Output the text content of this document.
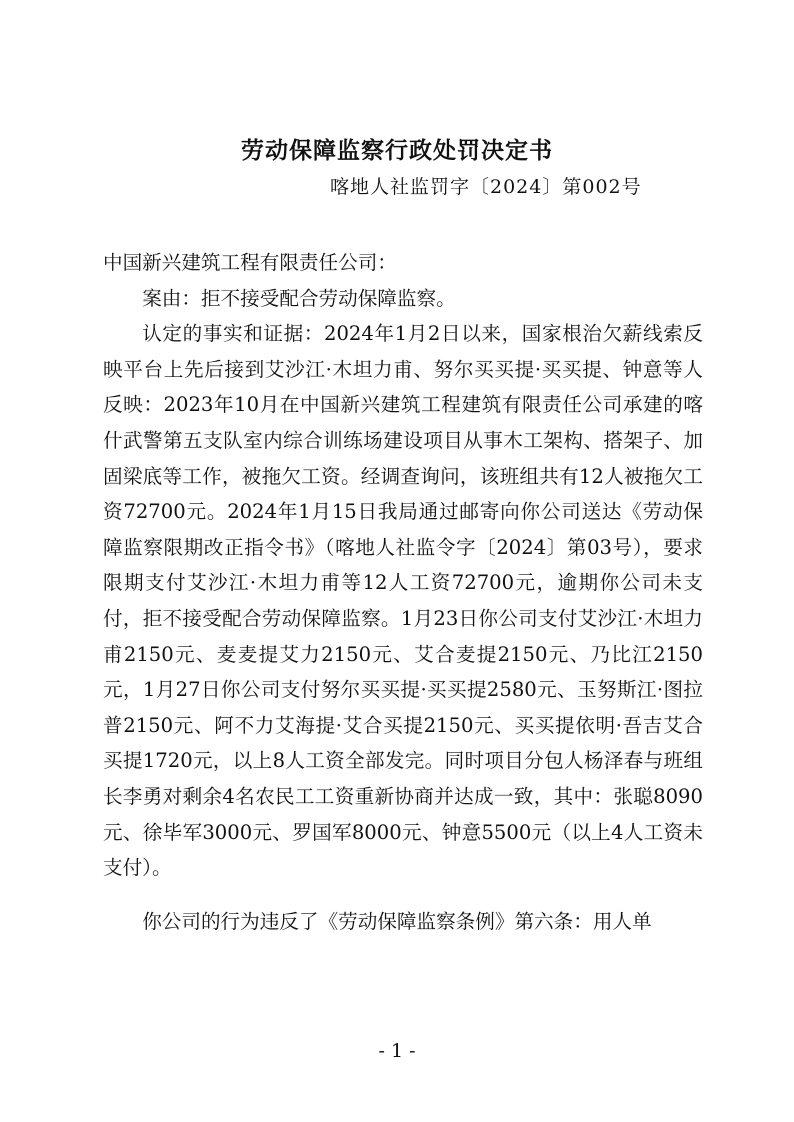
劳动保障监察行政处罚决定书
喀地人社监罚字〔2024〕第002号

中国新兴建筑工程有限责任公司：

案由：拒不接受配合劳动保障监察。

认定的事实和证据：2024年1月2日以来，国家根治欠薪线索反映平台上先后接到艾沙江·木坦力甫、努尔买买提·买买提、钟意等人反映：2023年10月在中国新兴建筑工程建筑有限责任公司承建的喀什武警第五支队室内综合训练场建设项目从事木工架构、搭架子、加固梁底等工作，被拖欠工资。经调查询问，该班组共有12人被拖欠工资72700元。2024年1月15日我局通过邮寄向你公司送达《劳动保障监察限期改正指令书》（喀地人社监令字〔2024〕第03号），要求限期支付艾沙江·木坦力甫等12人工资72700元，逾期你公司未支付，拒不接受配合劳动保障监察。1月23日你公司支付艾沙江·木坦力甫2150元、麦麦提艾力2150元、艾合麦提2150元、乃比江2150元，1月27日你公司支付努尔买买提·买买提2580元、玉努斯江·图拉普2150元、阿不力艾海提·艾合买提2150元、买买提依明·吾吉艾合买提1720元，以上8人工资全部发完。同时项目分包人杨泽春与班组长李勇对剩余4名农民工工资重新协商并达成一致，其中：张聪8090元、徐毕军3000元、罗国军8000元、钟意5500元（以上4人工资未支付）。

你公司的行为违反了《劳动保障监察条例》第六条：用人单

- 1 -
